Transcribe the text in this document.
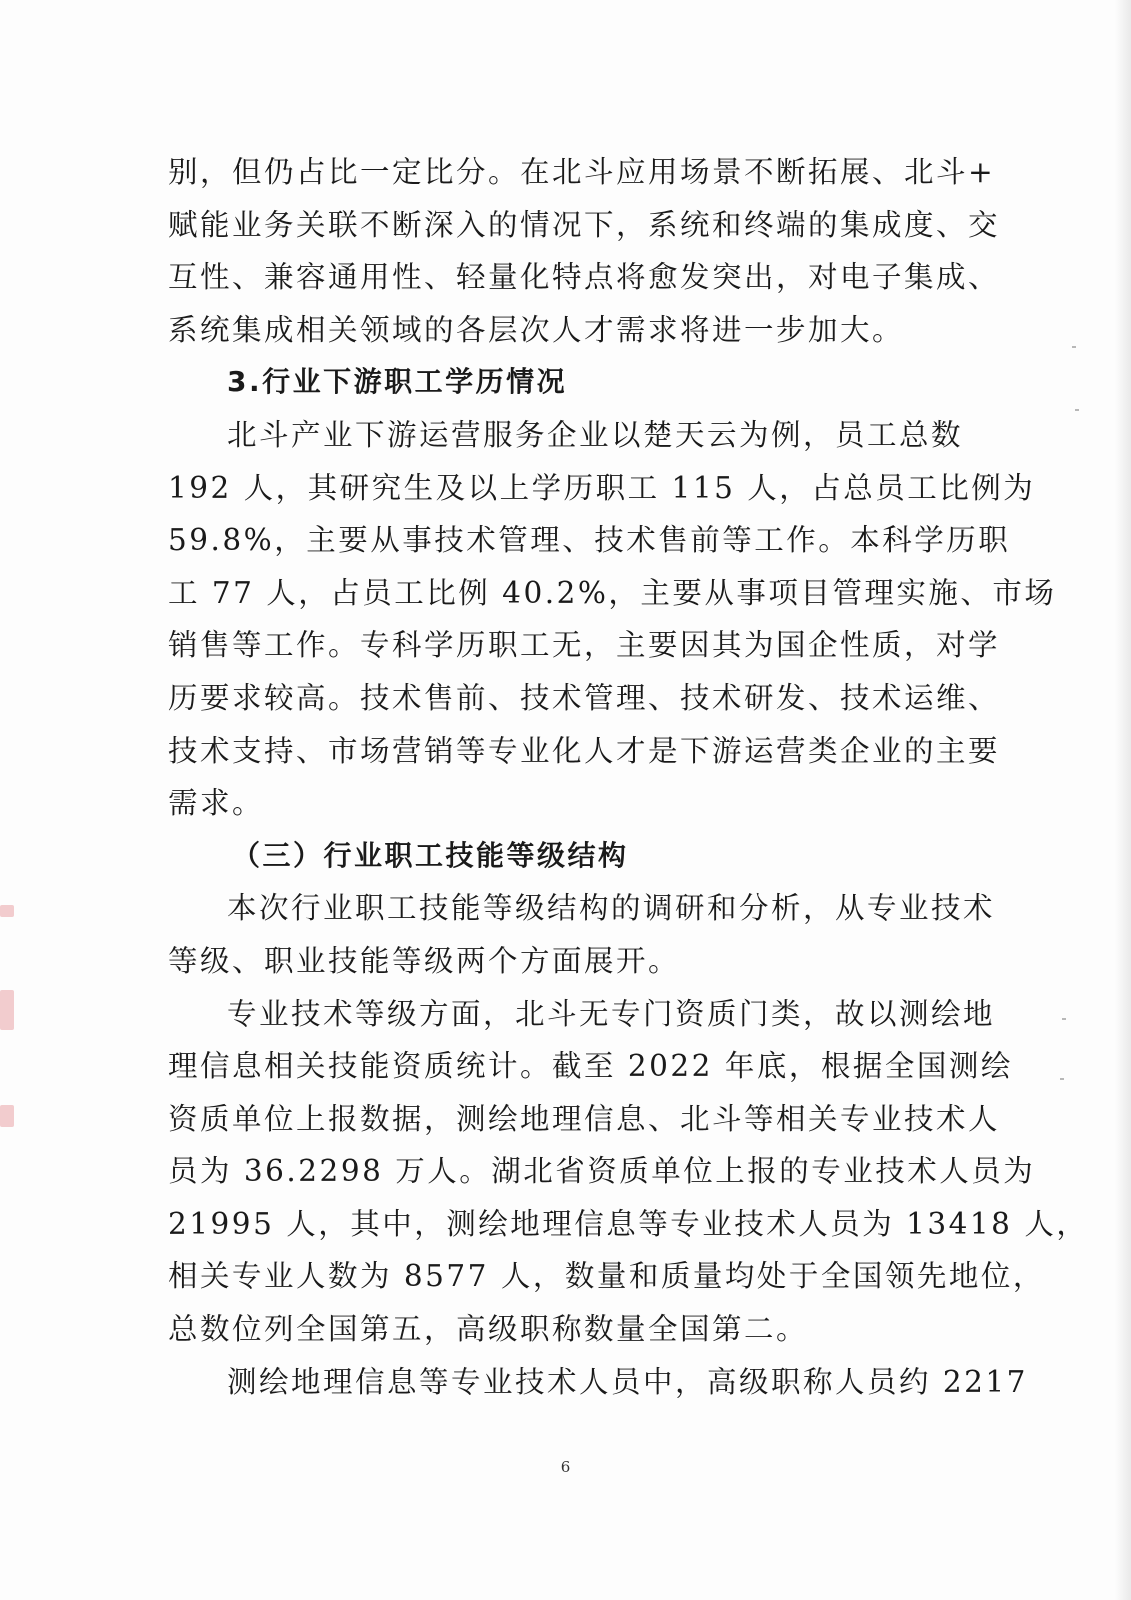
别，但仍占比一定比分。在北斗应用场景不断拓展、北斗+
赋能业务关联不断深入的情况下，系统和终端的集成度、交
互性、兼容通用性、轻量化特点将愈发突出，对电子集成、
系统集成相关领域的各层次人才需求将进一步加大。
3.行业下游职工学历情况
北斗产业下游运营服务企业以楚天云为例，员工总数
192 人，其研究生及以上学历职工 115 人，占总员工比例为
59.8%，主要从事技术管理、技术售前等工作。本科学历职
工 77 人，占员工比例 40.2%，主要从事项目管理实施、市场
销售等工作。专科学历职工无，主要因其为国企性质，对学
历要求较高。技术售前、技术管理、技术研发、技术运维、
技术支持、市场营销等专业化人才是下游运营类企业的主要
需求。
（三）行业职工技能等级结构
本次行业职工技能等级结构的调研和分析，从专业技术
等级、职业技能等级两个方面展开。
专业技术等级方面，北斗无专门资质门类，故以测绘地
理信息相关技能资质统计。截至 2022 年底，根据全国测绘
资质单位上报数据，测绘地理信息、北斗等相关专业技术人
员为 36.2298 万人。湖北省资质单位上报的专业技术人员为
21995 人，其中，测绘地理信息等专业技术人员为 13418 人，
相关专业人数为 8577 人，数量和质量均处于全国领先地位，
总数位列全国第五，高级职称数量全国第二。
测绘地理信息等专业技术人员中，高级职称人员约 2217
6
